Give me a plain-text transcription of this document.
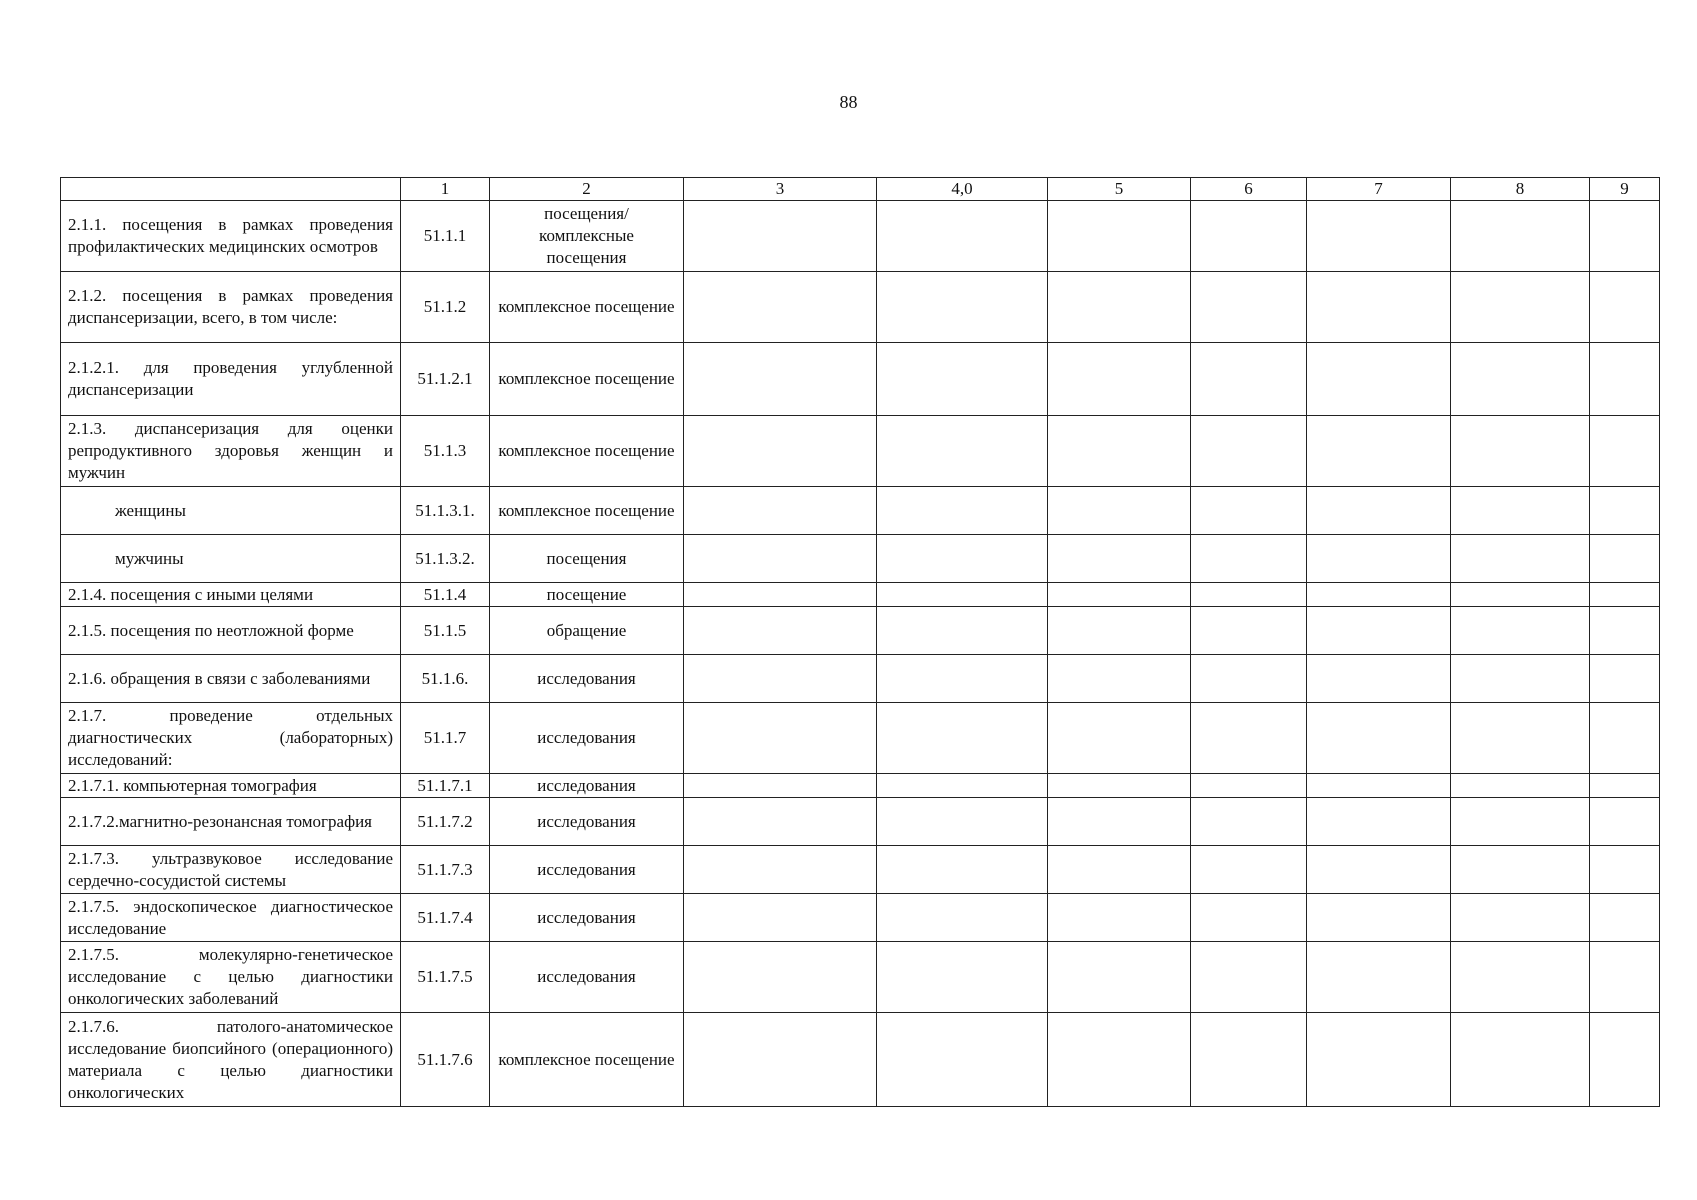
88
	1	2	3	4,0	5	6	7	8	9
2.1.1. посещения в рамках проведения профилактических медицинских осмотров	51.1.1	посещения/ комплексные посещения							
2.1.2. посещения в рамках проведения диспансеризации, всего, в том числе:	51.1.2	комплексное посещение							
2.1.2.1. для проведения углубленной диспансеризации	51.1.2.1	комплексное посещение							
2.1.3. диспансеризация для оценки репродуктивного здоровья женщин и мужчин	51.1.3	комплексное посещение							
женщины	51.1.3.1.	комплексное посещение							
мужчины	51.1.3.2.	посещения							
2.1.4. посещения с иными целями	51.1.4	посещение							
2.1.5. посещения по неотложной форме	51.1.5	обращение							
2.1.6. обращения в связи с заболеваниями	51.1.6.	исследования							
2.1.7. проведение отдельных диагностических (лабораторных) исследований:	51.1.7	исследования							
2.1.7.1. компьютерная томография	51.1.7.1	исследования							
2.1.7.2.магнитно-резонансная томография	51.1.7.2	исследования							
2.1.7.3. ультразвуковое исследование сердечно-сосудистой системы	51.1.7.3	исследования							
2.1.7.5. эндоскопическое диагностическое исследование	51.1.7.4	исследования							
2.1.7.5. молекулярно-генетическое исследование с целью диагностики онкологических заболеваний	51.1.7.5	исследования							
2.1.7.6. патолого-анатомическое исследование биопсийного (операционного) материала с целью диагностики онкологических	51.1.7.6	комплексное посещение							
